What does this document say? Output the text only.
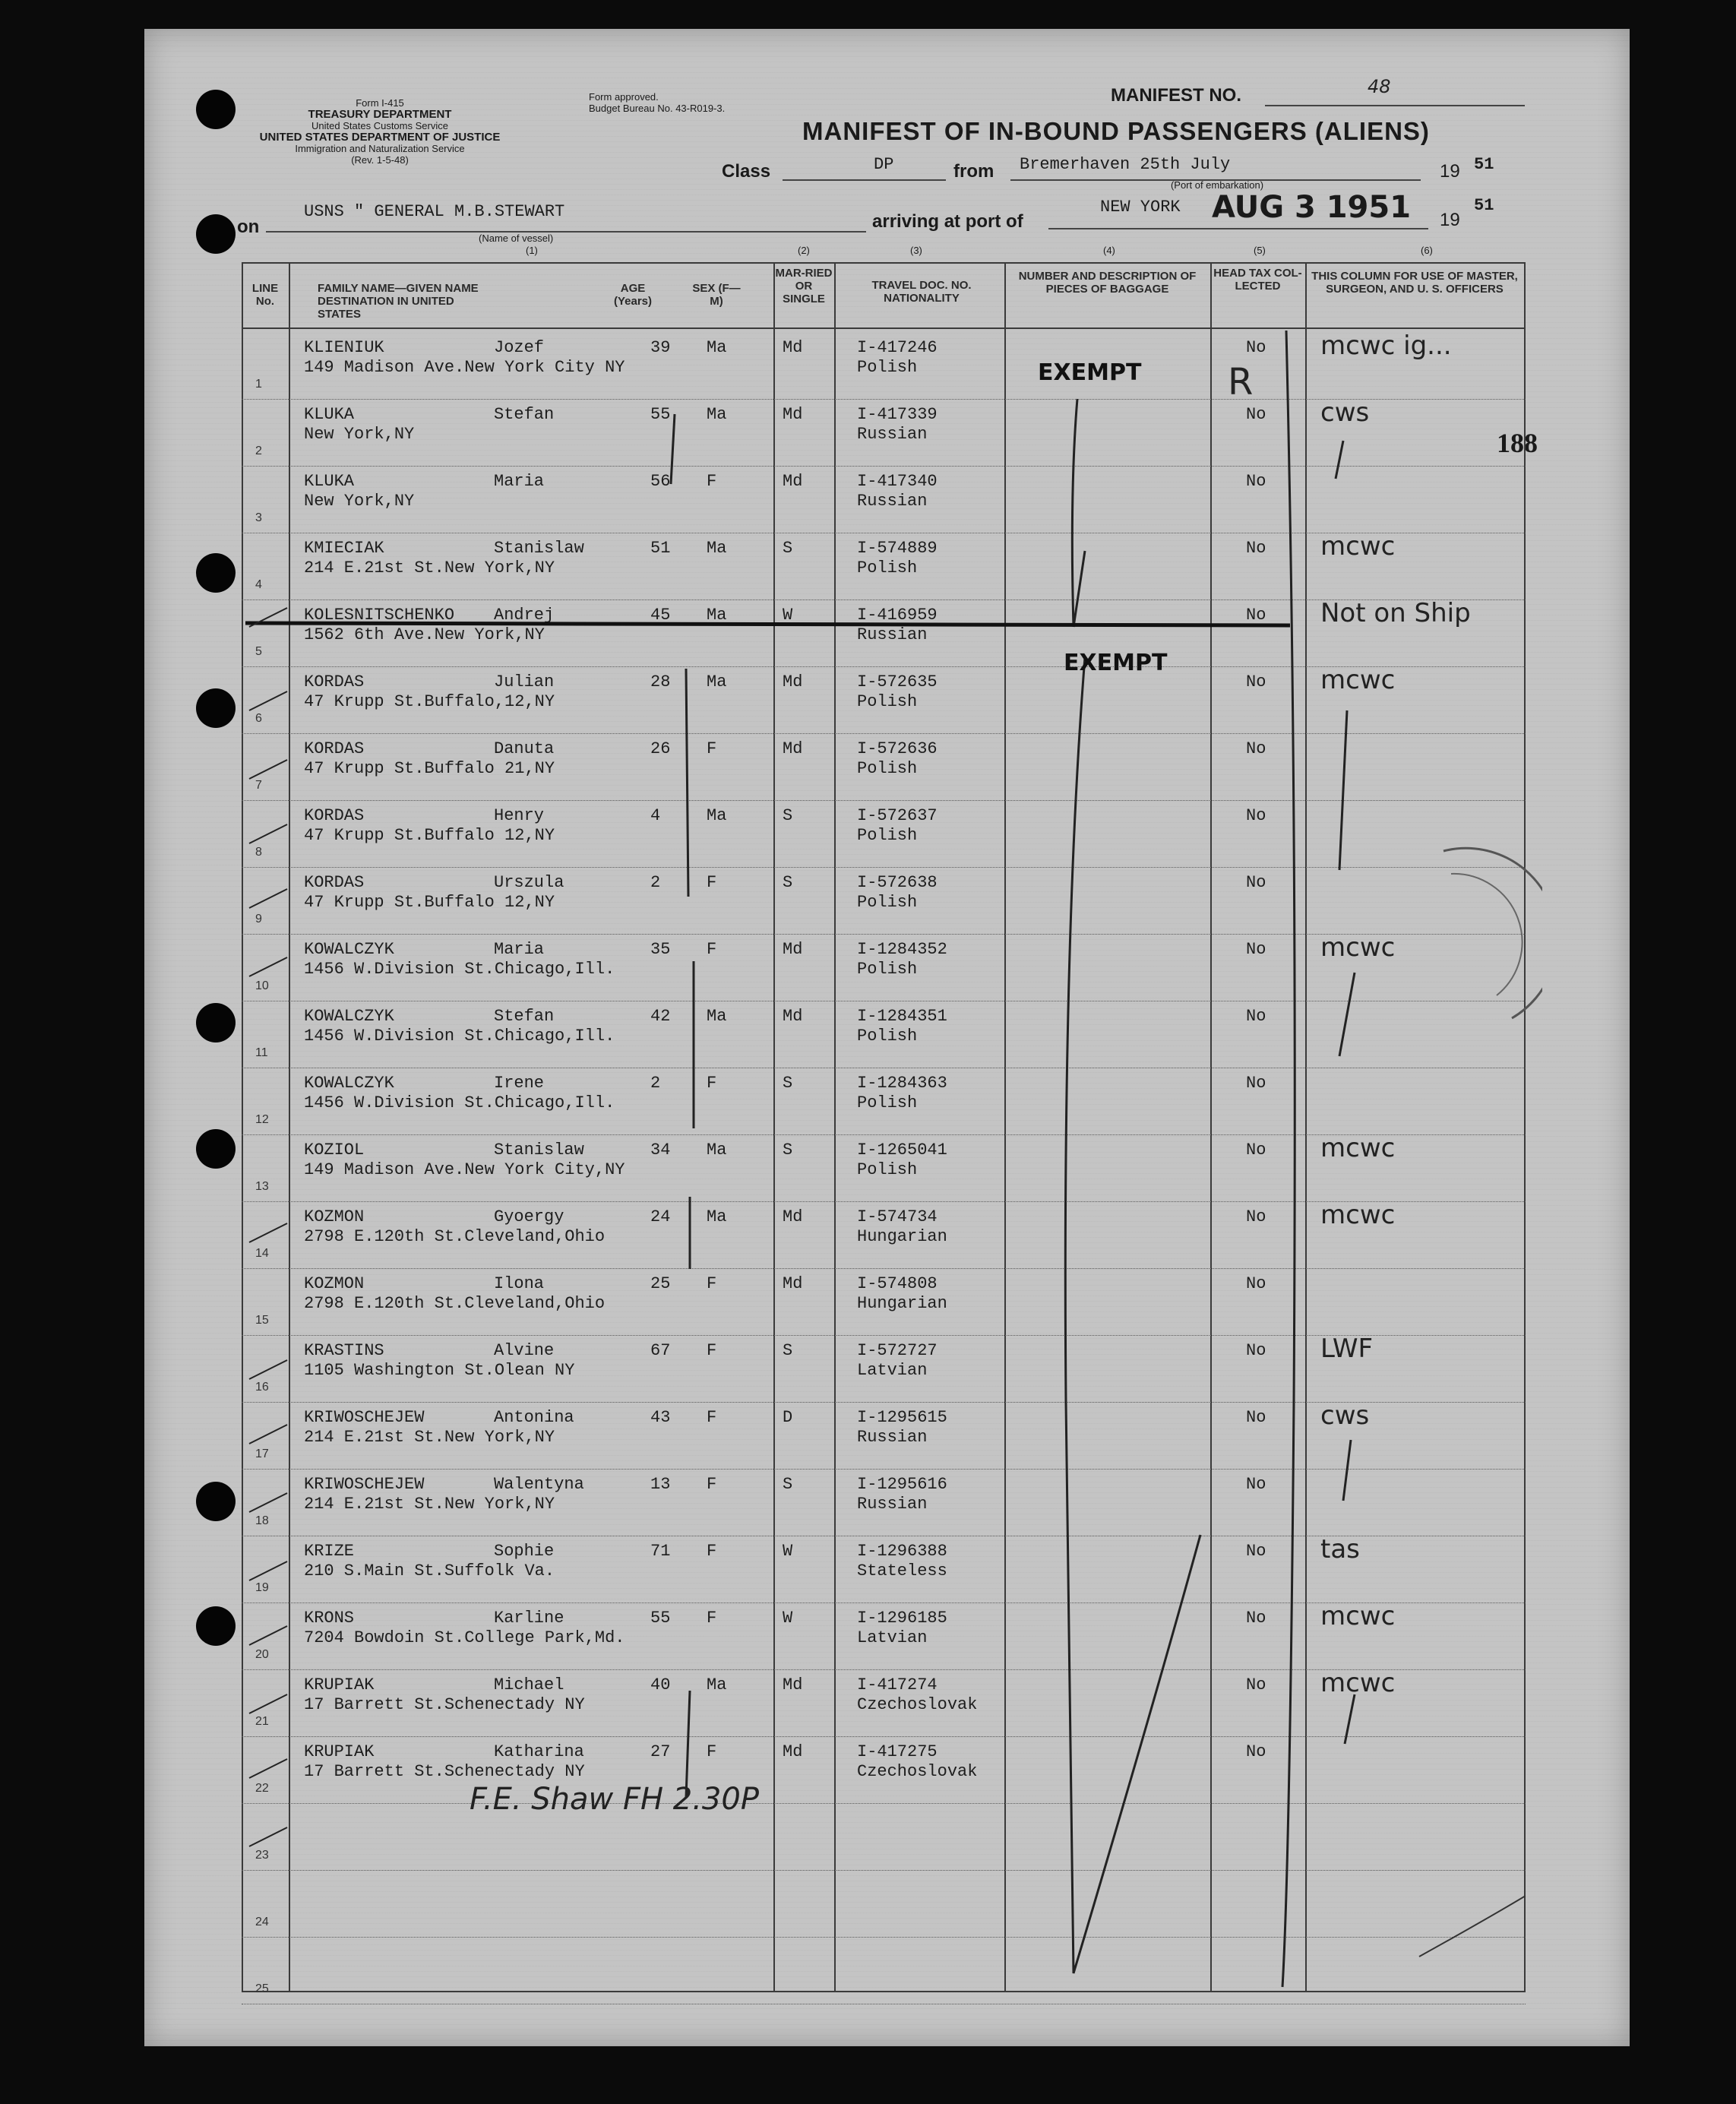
Form I-415
TREASURY DEPARTMENT
United States Customs Service
UNITED STATES DEPARTMENT OF JUSTICE
Immigration and Naturalization Service
(Rev. 1-5-48)
Form approved.
Budget Bureau No. 43-R019-3.
MANIFEST NO.	48
MANIFEST OF IN-BOUND PASSENGERS (ALIENS)
Class	DP	from Bremerhaven 25th July
(Port of embarkation)
19 51
on
USNS " GENERAL M.B.STEWART
(Name of vessel)
arriving at port of
NEW YORK AUG 3 1951 19
51
188
(1)	(2)	(3)	(4)	(5)	(6)
LINE No.
FAMILY NAME—GIVEN NAME DESTINATION IN UNITED STATES
AGE (Years)
SEX (F—M)
MAR-RIED OR SINGLE
TRAVEL DOC. NO. NATIONALITY
NUMBER AND DESCRIPTION OF PIECES OF BAGGAGE
HEAD TAX COL-LECTED
THIS COLUMN FOR USE OF MASTER, SURGEON, AND U. S. OFFICERS
1
KLIENIUK	Jozef
149 Madison Ave.New York City NY
39 Ma	Md	I-417246
Polish
No mcwc ig...
2
KLUKA	Stefan
New York,NY
55 Ma	Md	I-417339
Russian
No cws
3
KLUKA	Maria
New York,NY
56 F	Md	I-417340
Russian
No
4
KMIECIAK	Stanislaw
214 E.21st St.New York,NY
51 Ma	S	I-574889
Polish
No mcwc
5
KOLESNITSCHENKO Andrej
1562 6th Ave.New York,NY
45 Ma	W	I-416959
Russian
No Not on Ship
6
KORDAS	Julian
47 Krupp St.Buffalo,12,NY
28 Ma	Md	I-572635
Polish
No mcwc
7
KORDAS	Danuta
47 Krupp St.Buffalo 21,NY
26 F	Md	I-572636
Polish
No
8
KORDAS	Henry
47 Krupp St.Buffalo 12,NY
4	Ma	S	I-572637
Polish
No
9
KORDAS	Urszula
47 Krupp St.Buffalo 12,NY
2	F	S	I-572638
Polish
No
10
KOWALCZYK	Maria
1456 W.Division St.Chicago,Ill.
35 F	Md	I-1284352
Polish
No mcwc
11
KOWALCZYK	Stefan
1456 W.Division St.Chicago,Ill.
42 Ma	Md	I-1284351
Polish
No
12
KOWALCZYK	Irene
1456 W.Division St.Chicago,Ill.
2	F	S	I-1284363
Polish
No
13
KOZIOL	Stanislaw
149 Madison Ave.New York City,NY
34 Ma	S	I-1265041
Polish
No mcwc
14
KOZMON	Gyoergy
2798 E.120th St.Cleveland,Ohio
24 Ma	Md	I-574734
Hungarian
No mcwc
15
KOZMON	Ilona
2798 E.120th St.Cleveland,Ohio
25 F	Md	I-574808
Hungarian
No
16
KRASTINS	Alvine
1105 Washington St.Olean NY
67 F	S	I-572727
Latvian
No LWF
17
KRIWOSCHEJEW	Antonina
214 E.21st St.New York,NY
43 F	D	I-1295615
Russian
No cws
18
KRIWOSCHEJEW	Walentyna
214 E.21st St.New York,NY
13 F	S	I-1295616
Russian
No
19
KRIZE	Sophie
210 S.Main St.Suffolk Va.
71 F	W	I-1296388
Stateless
No tas
20
KRONS	Karline
7204 Bowdoin St.College Park,Md.
55 F	W	I-1296185
Latvian
No mcwc
21
KRUPIAK	Michael
17 Barrett St.Schenectady NY
40 Ma	Md	I-417274
Czechoslovak
No mcwc
22
KRUPIAK	Katharina
17 Barrett St.Schenectady NY
27 F	Md	I-417275
Czechoslovak
No
23
24
25
EXEMPT
EXEMPT
R
F.E. Shaw FH 2.30P
